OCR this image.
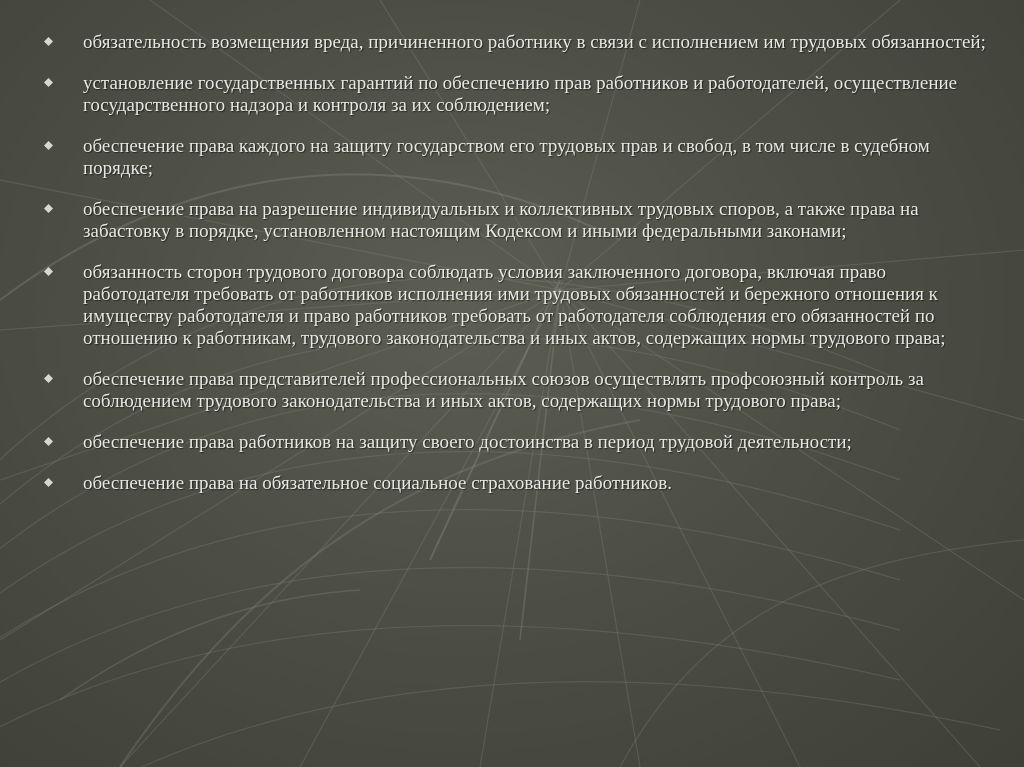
обязательность возмещения вреда, причиненного работнику в связи с исполнением им трудовых обязанностей;
установление государственных гарантий по обеспечению прав работников и работодателей, осуществление государственного надзора и контроля за их соблюдением;
обеспечение права каждого на защиту государством его трудовых прав и свобод, в том числе в судебном порядке;
обеспечение права на разрешение индивидуальных и коллективных трудовых споров, а также права на забастовку в порядке, установленном настоящим Кодексом и иными федеральными законами;
обязанность сторон трудового договора соблюдать условия заключенного договора, включая право работодателя требовать от работников исполнения ими трудовых обязанностей и бережного отношения к имуществу работодателя и право работников требовать от работодателя соблюдения его обязанностей по отношению к работникам, трудового законодательства и иных актов, содержащих нормы трудового права;
обеспечение права представителей профессиональных союзов осуществлять профсоюзный контроль за соблюдением трудового законодательства и иных актов, содержащих нормы трудового права;
обеспечение права работников на защиту своего достоинства в период трудовой деятельности;
обеспечение права на обязательное социальное страхование работников.
